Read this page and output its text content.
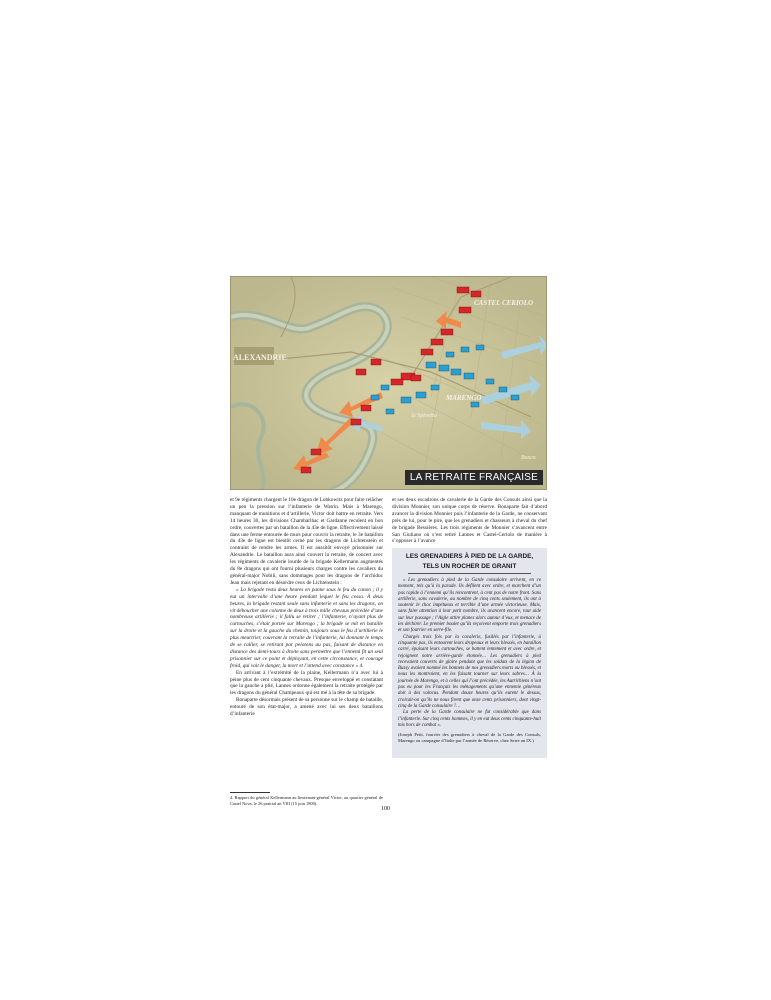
ALEXANDRIE
CASTEL CERIOLO
MARENGO
la Spinetta
Bosco
LA RETRAITE FRANÇAISE

et 9e régiments chargent le 10e dragon de Lobkowitz pour faire relâcher un peu la pression sur l’infanterie de Watrin. Mais à Marengo, manquant de munitions et d’artillerie, Victor doit battre en retraite. Vers 14 heures 30, les divisions Chambarlhac et Gardanne reculent en bon ordre, couvertes par un bataillon de la 43e de ligne. Effectivement laissé dans une ferme entourée de murs pour couvrir la retraite, le 3e bataillon du 43e de ligne est bientôt cerné par les dragons de Lichtenstein et contraint de rendre les armes. Il est aussitôt envoyé prisonnier sur Alexandrie. Le bataillon aura ainsi couvert la retraite, de concert avec les régiments de cavalerie lourde de la brigade Kellermann augmentés du 8e dragons qui ont fourni plusieurs charges contre les cavaliers du général-major Nobili, sans dommages pour les dragons de l’archiduc Jean mais rejetant en désordre ceux de Lichtenstein :

« La brigade resta deux heures en panne sous le feu du canon ; il y eut un intervalle d’une heure pendant lequel le feu cessa. À deux heures, la brigade restant seule sans infanterie et sans les dragons, on vit déboucher une colonne de deux à trois mille chevaux précédée d’une nombreuse artillerie ; il fallu se retirer ; l’infanterie, n’ayant plus de cartouches, s’était portée sur Marengo ; la brigade se mit en bataille sur la droite et la gauche du chemin, toujours sous le feu d’artillerie le plus meurtrier, couvrant la retraite de l’infanterie, lui donnant le temps de se rallier, se retirant par pelotons au pas, faisant de distance en distance des demi-tours à droite sans permettre que l’ennemi fit un seul prisonnier sur ce point et déployant, en cette circonstance, et courage froid, qui voit le danger, la mort et l’attend avec constance » 4.

En arrivant à l’extrémité de la plaine, Kellermann n’a avec lui à peine plus de cent cinquante chevaux. Presque enveloppé et constatant que la gauche a plié, Lannes ordonne également la retraite protégée par les dragons du général Champeaux qui est mé à la tête de sa brigade.

Bonaparte désormais présent de sa personne sur le champ de bataille, entouré de son état-major, a amené avec lui ses deux bataillons d’infanterie

4. Rapport du général Kellermann au lieutenant-général Victor, au quartier général de Castel Nova, le 26 prairial an VIII (15 juin 1800).

et ses deux escadrons de cavalerie de la Garde des Consuls ainsi que la division Monnier, son unique corps de réserve. Bonaparte fait d’abord avancer la division Monnier puis l’infanterie de la Garde, ne conservant près de lui, pour le pire, que les grenadiers et chasseurs à cheval du chef de brigade Bessières. Les trois régiments de Monnier s’avancent entre San Giuliano où s’est retiré Lannes et Castel-Ceriolo de manière à s’opposer à l’avance

LES GRENADIERS À PIED DE LA GARDE,
TELS UN ROCHER DE GRANIT

« Les grenadiers à pied de la Garde consulaire arrivent, en ce moment, tels qu’à la parade. Ils défilent avec ordre, et marchent d’un pas rapide à l’ennemi qu’ils rencontrent, à cent pas de notre front. Sans artillerie, sans cavalerie, au nombre de cinq cents seulement, ils ont à soutenir le choc impétueux et terrible d’une armée victorieuse. Mais, sans faire attention à leur petit nombre, ils avancent encore, tout aide sur leur passage ; l’Aigle attire planes alors autour d’eux, et menace de les déchirer. Le premier boulet qu’ils reçoivent emporte trois grenadiers et son fourrier en serre-file.

Chargés trois fois par la cavalerie, fusillés par l’infanterie, à cinquante pas, ils entourent leurs drapeaux et leurs blessés, en bataillon carré, épuisant leurs cartouches, se battent lentement et avec ordre, et rejoignent notre arrière-garde étonnée… Les grenadiers à pied recevaient couverts de gloire pendant que les soldats de la légion de Bussy avaient nommé les bonnets de nos grenadiers morts ou blessés, et nous les montraient, en les faisant tourner sur leurs sabres… À la journée de Marengo, et à celles qui l’ont précédée, les Autrichiens n’ont pas eu pour les Français les ménagements qu’une ennemie généreux doit à des vaincus. Pendant douze heures qu’ils eurent le dessus, croirait-on qu’ils ne nous firent que onze cents prisonniers, dont vingt-cinq de la Garde consulaire ?…

La perte de la Garde consulaire ne fut considérable que dans l’infanterie. Sur cinq cents hommes, il y en eut deux cents cinquante-huit mis hors de combat ».

(Joseph Petit, fourrier des grenadiers à cheval de la Garde des Consuls, Marengo ou campagne d’Italie par l’armée de Réserve, chez Serre an IX.)

100
